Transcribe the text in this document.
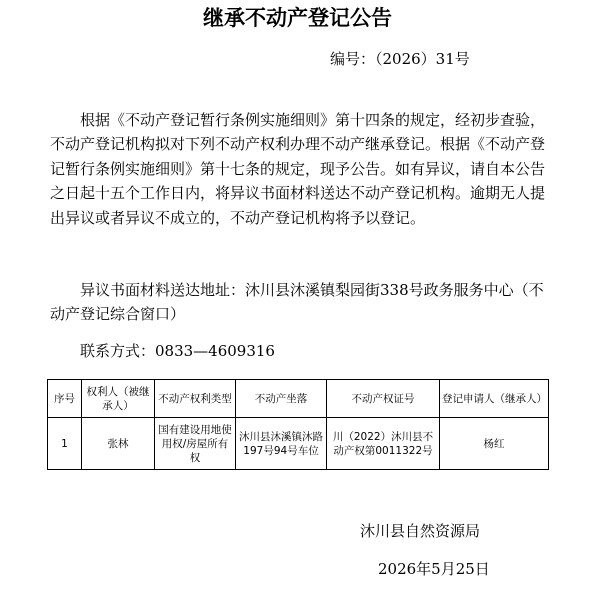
继承不动产登记公告
编号：（2026）31号

根据《不动产登记暂行条例实施细则》第十四条的规定，经初步查验，不动产登记机构拟对下列不动产权利办理不动产继承登记。根据《不动产登记暂行条例实施细则》第十七条的规定，现予公告。如有异议，请自本公告之日起十五个工作日内，将异议书面材料送达不动产登记机构。逾期无人提出异议或者异议不成立的，不动产登记机构将予以登记。

异议书面材料送达地址：沐川县沐溪镇梨园街338号政务服务中心（不动产登记综合窗口）

联系方式：0833—4609316

序号	权利人（被继承人）	不动产权利类型	不动产坐落	不动产权证号	登记申请人（继承人）
1	张林	国有建设用地使用权/房屋所有权	沐川县沐溪镇沐路197号94号车位	川（2022）沐川县不动产权第0011322号	杨红
沐川县自然资源局
2026年5月25日
